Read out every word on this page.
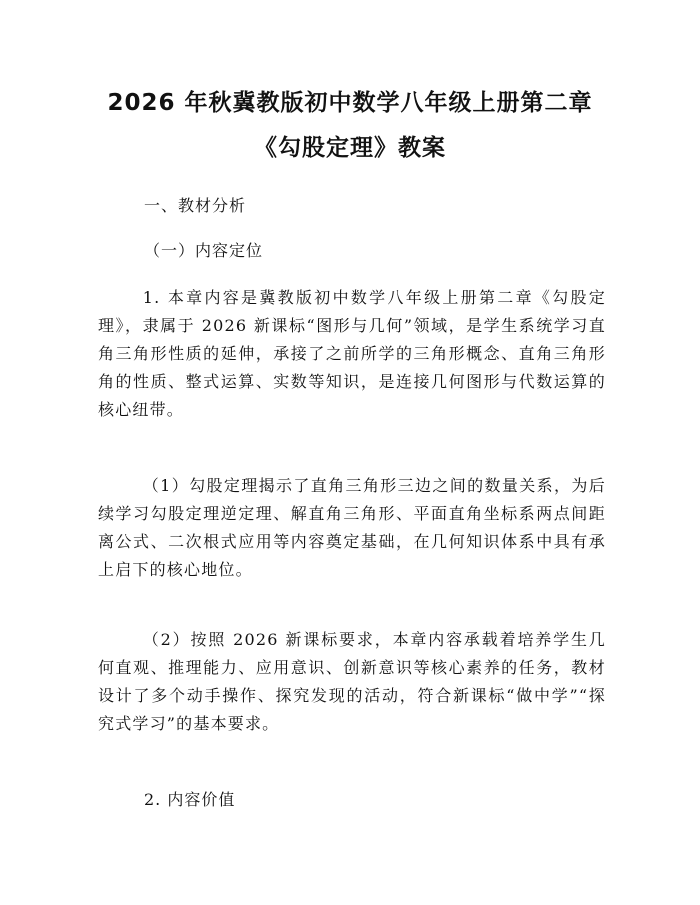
2026 年秋冀教版初中数学八年级上册第二章
《勾股定理》教案
一、教材分析
（一）内容定位

1. 本章内容是冀教版初中数学八年级上册第二章《勾股定理》，隶属于 2026 新课标“图形与几何”领域，是学生系统学习直角三角形性质的延伸，承接了之前所学的三角形概念、直角三角形角的性质、整式运算、实数等知识，是连接几何图形与代数运算的核心纽带。

（1）勾股定理揭示了直角三角形三边之间的数量关系，为后续学习勾股定理逆定理、解直角三角形、平面直角坐标系两点间距离公式、二次根式应用等内容奠定基础，在几何知识体系中具有承上启下的核心地位。

（2）按照 2026 新课标要求，本章内容承载着培养学生几何直观、推理能力、应用意识、创新意识等核心素养的任务，教材设计了多个动手操作、探究发现的活动，符合新课标“做中学”“探究式学习”的基本要求。

2. 内容价值
